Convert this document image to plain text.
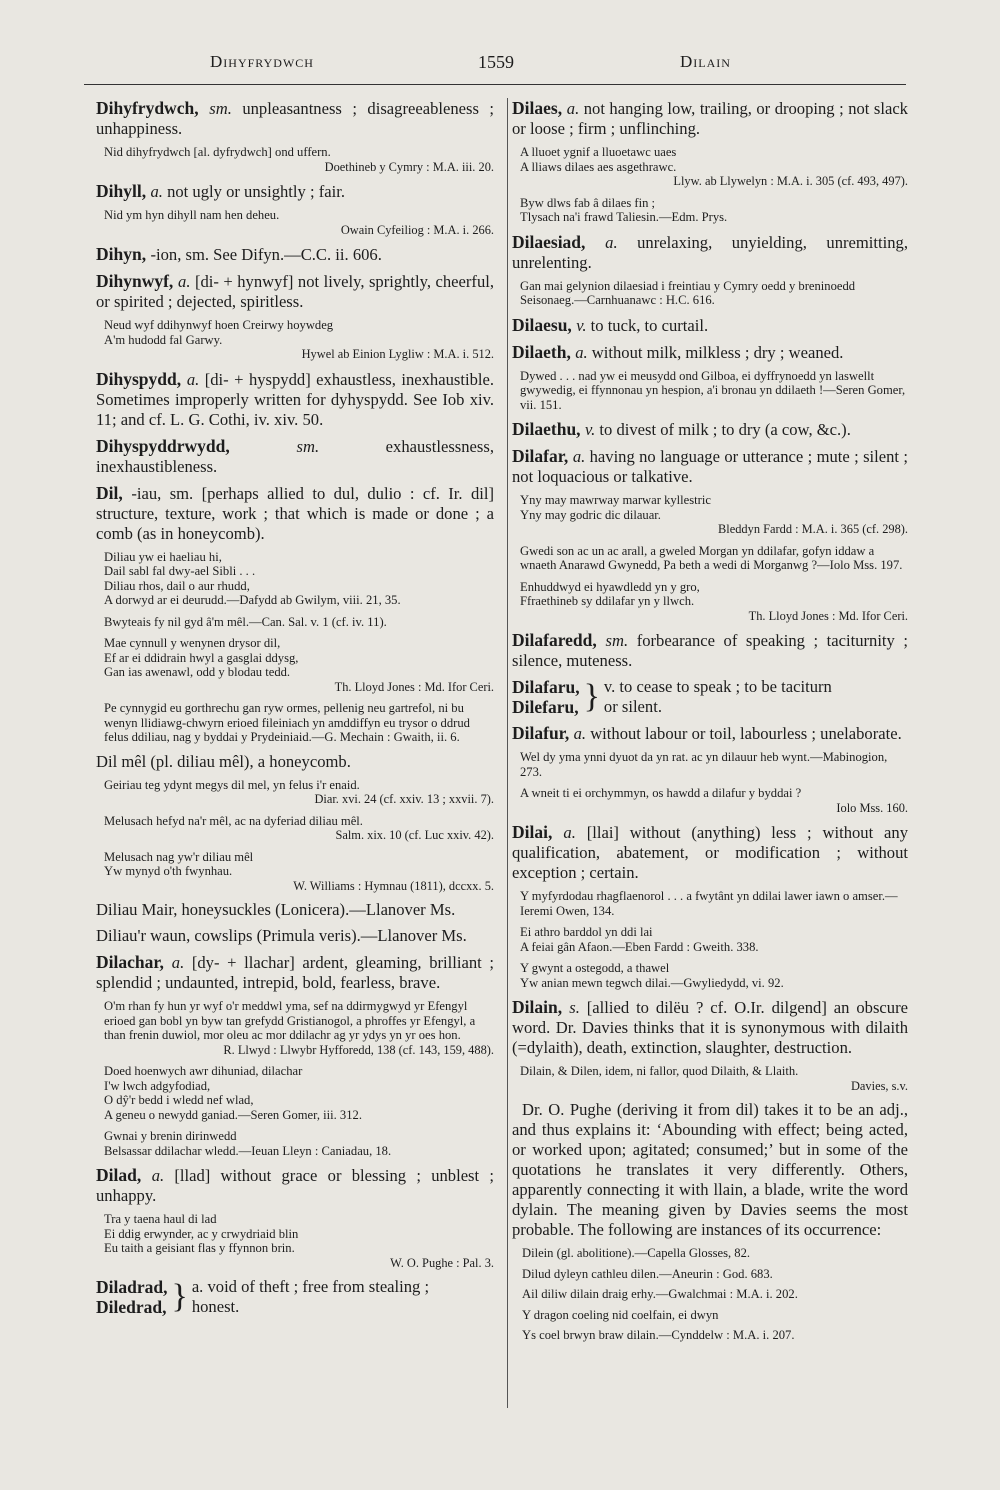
Dihyfrydwch	1559	Dilain
Dihyfrydwch, sm. unpleasantness ; disagreeableness ; unhappiness.

Nid dihyfrydwch [al. dyfrydwch] ond uffern.

Doethineb y Cymry : M.A. iii. 20.
Dihyll, a. not ugly or unsightly ; fair.

Nid ym hyn dihyll nam hen deheu.

Owain Cyfeiliog : M.A. i. 266.
Dihyn, -ion, sm. See Difyn.—C.C. ii. 606.
Dihynwyf, a. [di- + hynwyf] not lively, sprightly, cheerful, or spirited ; dejected, spiritless.

Neud wyf ddihynwyf hoen Creirwy hoywdeg

A'm hudodd fal Garwy.

Hywel ab Einion Lygliw : M.A. i. 512.
Dihyspydd, a. [di- + hyspydd] exhaustless, inexhaustible. Sometimes improperly written for dyhyspydd. See Iob xiv. 11; and cf. L. G. Cothi, iv. xiv. 50.
Dihyspyddrwydd, sm. exhaustlessness, inexhaustibleness.
Dil, -iau, sm. [perhaps allied to dul, dulio : cf. Ir. dil] structure, texture, work ; that which is made or done ; a comb (as in honeycomb).

Diliau yw ei haeliau hi,

Dail sabl fal dwy-ael Sibli . . .

Diliau rhos, dail o aur rhudd,

A dorwyd ar ei deurudd.—Dafydd ab Gwilym, viii. 21, 35.

Bwyteais fy nil gyd â'm mêl.—Can. Sal. v. 1 (cf. iv. 11).

Mae cynnull y wenynen drysor dil,

Ef ar ei ddidrain hwyl a gasglai ddysg,

Gan ias awenawl, odd y blodau tedd.

Th. Lloyd Jones : Md. Ifor Ceri.

Pe cynnygid eu gorthrechu gan ryw ormes, pellenig neu gartrefol, ni bu wenyn llidiawg-chwyrn erioed fileiniach yn amddiffyn eu trysor o ddrud felus ddiliau, nag y byddai y Prydeiniaid.—G. Mechain : Gwaith, ii. 6.

Dil mêl (pl. diliau mêl), a honeycomb.

Geiriau teg ydynt megys dil mel, yn felus i'r enaid.

Diar. xvi. 24 (cf. xxiv. 13 ; xxvii. 7).

Melusach hefyd na'r mêl, ac na dyferiad diliau mêl.

Salm. xix. 10 (cf. Luc xxiv. 42).

Melusach nag yw'r diliau mêl

Yw mynyd o'th fwynhau.

W. Williams : Hymnau (1811), dccxx. 5.
Diliau Mair, honeysuckles (Lonicera).—Llanover Ms.
Diliau'r waun, cowslips (Primula veris).—Llanover Ms.
Dilachar, a. [dy- + llachar] ardent, gleaming, brilliant ; splendid ; undaunted, intrepid, bold, fearless, brave.

O'm rhan fy hun yr wyf o'r meddwl yma, sef na ddirmygwyd yr Efengyl erioed gan bobl yn byw tan grefydd Gristianogol, a phroffes yr Efengyl, a than frenin duwiol, mor oleu ac mor ddilachr ag yr ydys yn yr oes hon.

R. Llwyd : Llwybr Hyfforedd, 138 (cf. 143, 159, 488).

Doed hoenwych awr dihuniad, dilachar

I'w lwch adgyfodiad,

O dŷ'r bedd i wledd nef wlad,

A geneu o newydd ganiad.—Seren Gomer, iii. 312.

Gwnai y brenin dirinwedd

Belsassar ddilachar wledd.—Ieuan Lleyn : Caniadau, 18.

Dilad, a. [llad] without grace or blessing ; unblest ; unhappy.

Tra y taena haul di lad

Ei ddig erwynder, ac y crwydriaid blin

Eu taith a geisiant flas y ffynnon brin.

W. O. Pughe : Pal. 3.
Diladrad,
Diledrad, } a. void of theft ; free from stealing ;
honest.
Dilaes, a. not hanging low, trailing, or drooping ; not slack or loose ; firm ; unflinching.

A lluoet ygnif a lluoetawc uaes

A lliaws dilaes aes asgethrawc.

Llyw. ab Llywelyn : M.A. i. 305 (cf. 493, 497).

Byw dlws fab â dilaes fin ;

Tlysach na'i frawd Taliesin.—Edm. Prys.

Dilaesiad, a. unrelaxing, unyielding, unremitting, unrelenting.

Gan mai gelynion dilaesiad i freintiau y Cymry oedd y breninoedd Seisonaeg.—Carnhuanawc : H.C. 616.

Dilaesu, v. to tuck, to curtail.
Dilaeth, a. without milk, milkless ; dry ; weaned.

Dywed . . . nad yw ei meusydd ond Gilboa, ei dyffrynoedd yn laswellt gwywedig, ei ffynnonau yn hespion, a'i bronau yn ddilaeth !—Seren Gomer, vii. 151.

Dilaethu, v. to divest of milk ; to dry (a cow, &c.).
Dilafar, a. having no language or utterance ; mute ; silent ; not loquacious or talkative.

Yny may mawrway marwar kyllestric

Yny may godric dic dilauar.

Bleddyn Fardd : M.A. i. 365 (cf. 298).

Gwedi son ac un ac arall, a gweled Morgan yn ddilafar, gofyn iddaw a wnaeth Anarawd Gwynedd, Pa beth a wedi di Morganwg ?—Iolo Mss. 197.

Enhuddwyd ei hyawdledd yn y gro,

Ffraethineb sy ddilafar yn y llwch.

Th. Lloyd Jones : Md. Ifor Ceri.
Dilafaredd, sm. forbearance of speaking ; taciturnity ; silence, muteness.
Dilafaru,
Dilefaru, } v. to cease to speak ; to be taciturn
or silent.
Dilafur, a. without labour or toil, labourless ; unelaborate.

Wel dy yma ynni dyuot da yn rat. ac yn dilauur heb wynt.—Mabinogion, 273.

A wneit ti ei orchymmyn, os hawdd a dilafur y byddai ?

Iolo Mss. 160.
Dilai, a. [llai] without (anything) less ; without any qualification, abatement, or modification ; without exception ; certain.

Y myfyrdodau rhagflaenorol . . . a fwytânt yn ddilai lawer iawn o amser.—Ieremi Owen, 134.

Ei athro barddol yn ddi lai

A feiai gân Afaon.—Eben Fardd : Gweith. 338.

Y gwynt a ostegodd, a thawel

Yw anian mewn tegwch dilai.—Gwyliedydd, vi. 92.

Dilain, s. [allied to dilëu ? cf. O.Ir. dilgend] an obscure word. Dr. Davies thinks that it is synonymous with dilaith (=dylaith), death, extinction, slaughter, destruction.

Dilain, & Dilen, idem, ni fallor, quod Dilaith, & Llaith.

Davies, s.v.
Dr. O. Pughe (deriving it from dil) takes it to be an adj., and thus explains it: ‘Abounding with effect; being acted, or worked upon; agitated; consumed;’ but in some of the quotations he translates it very differently. Others, apparently connecting it with llain, a blade, write the word dylain. The meaning given by Davies seems the most probable. The following are instances of its occurrence:
Dilein (gl. abolitione).—Capella Glosses, 82.
Dilud dyleyn cathleu dilen.—Aneurin : God. 683.
Ail diliw dilain draig erhy.—Gwalchmai : M.A. i. 202.
Y dragon coeling nid coelfain, ei dwyn
Ys coel brwyn braw dilain.—Cynddelw : M.A. i. 207.
